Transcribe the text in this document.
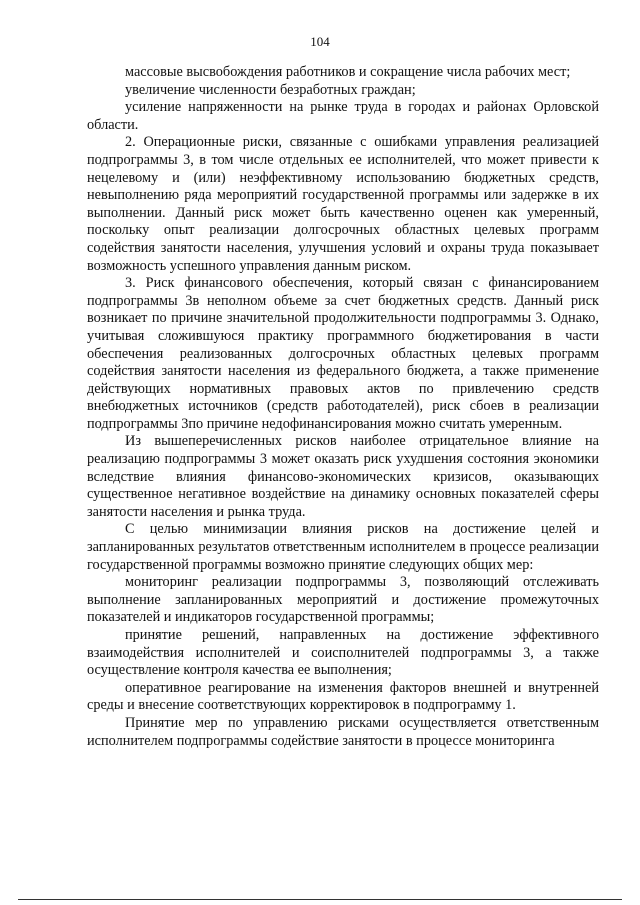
104

массовые высвобождения работников и сокращение числа рабочих мест;

увеличение численности безработных граждан;

усиление напряженности на рынке труда в городах и районах Орловской области.

2. Операционные риски, связанные с ошибками управления реализацией подпрограммы 3, в том числе отдельных ее исполнителей, что может привести к нецелевому и (или) неэффективному использованию бюджетных средств, невыполнению ряда мероприятий государственной программы или задержке в их выполнении. Данный риск может быть качественно оценен как умеренный, поскольку опыт реализации долгосрочных областных целевых программ содействия занятости населения, улучшения условий и охраны труда показывает возможность успешного управления данным риском.

3. Риск финансового обеспечения, который связан с финансированием подпрограммы 3в неполном объеме за счет бюджетных средств. Данный риск возникает по причине значительной продолжительности подпрограммы 3. Однако, учитывая сложившуюся практику программного бюджетирования в части обеспечения реализованных долгосрочных областных целевых программ содействия занятости населения из федерального бюджета, а также применение действующих нормативных правовых актов по привлечению средств внебюджетных источников (средств работодателей), риск сбоев в реализации подпрограммы 3по причине недофинансирования можно считать умеренным.

Из вышеперечисленных рисков наиболее отрицательное влияние на реализацию подпрограммы 3 может оказать риск ухудшения состояния экономики вследствие влияния финансово-экономических кризисов, оказывающих существенное негативное воздействие на динамику основных показателей сферы занятости населения и рынка труда.

С целью минимизации влияния рисков на достижение целей и запланированных результатов ответственным исполнителем в процессе реализации государственной программы возможно принятие следующих общих мер:

мониторинг реализации подпрограммы 3, позволяющий отслеживать выполнение запланированных мероприятий и достижение промежуточных показателей и индикаторов государственной программы;

принятие решений, направленных на достижение эффективного взаимодействия исполнителей и соисполнителей подпрограммы 3, а также осуществление контроля качества ее выполнения;

оперативное реагирование на изменения факторов внешней и внутренней среды и внесение соответствующих корректировок в подпрограмму 1.

Принятие мер по управлению рисками осуществляется ответственным исполнителем подпрограммы содействие занятости в процессе мониторинга
